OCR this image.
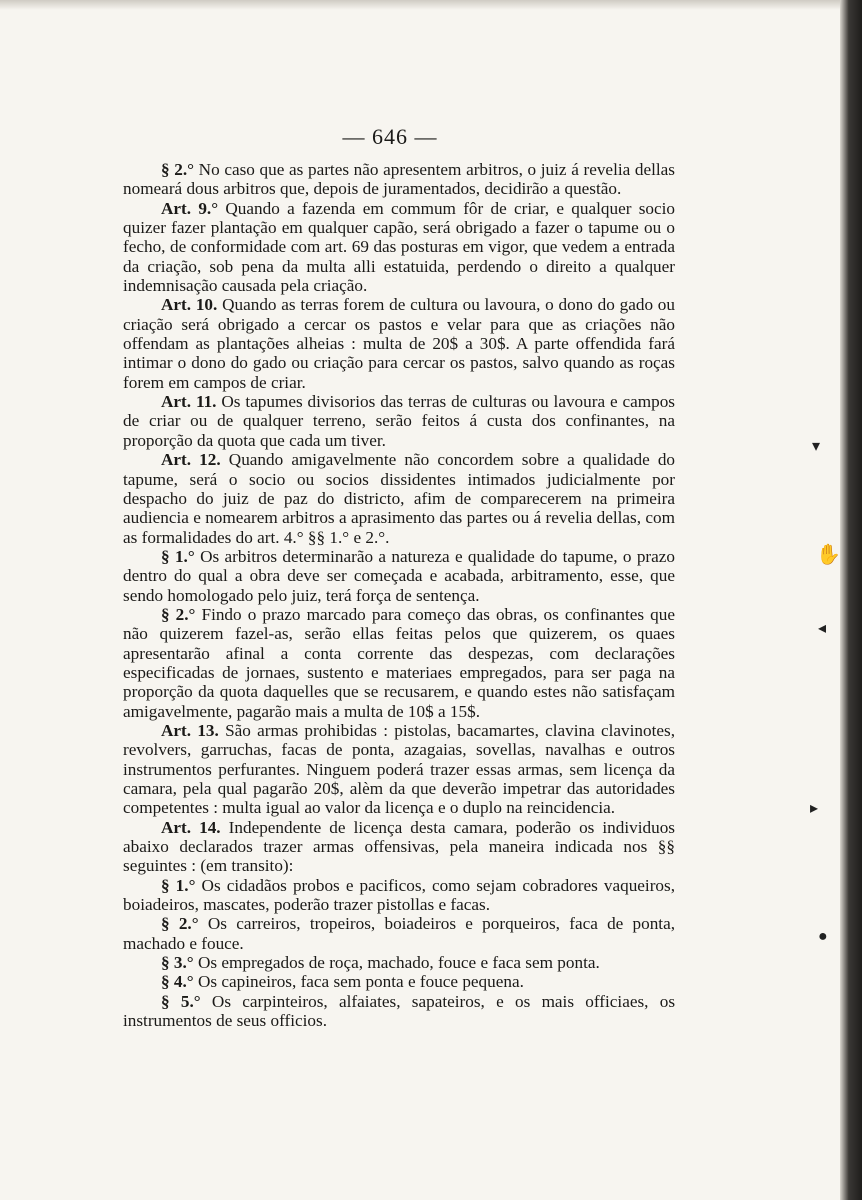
— 646 —

§ 2.° No caso que as partes não apresentem arbitros, o juiz á revelia dellas nomeará dous arbitros que, depois de juramentados, decidirão a questão.

Art. 9.° Quando a fazenda em commum fôr de criar, e qualquer socio quizer fazer plantação em qualquer capão, será obrigado a fazer o tapume ou o fecho, de conformidade com art. 69 das posturas em vigor, que vedem a entrada da criação, sob pena da multa alli estatuida, perdendo o direito a qualquer indemnisação causada pela criação.

Art. 10. Quando as terras forem de cultura ou lavoura, o dono do gado ou criação será obrigado a cercar os pastos e velar para que as criações não offendam as plantações alheias : multa de 20$ a 30$. A parte offendida fará intimar o dono do gado ou criação para cercar os pastos, salvo quando as roças forem em campos de criar.

Art. 11. Os tapumes divisorios das terras de culturas ou lavoura e campos de criar ou de qualquer terreno, serão feitos á custa dos confinantes, na proporção da quota que cada um tiver.

Art. 12. Quando amigavelmente não concordem sobre a qualidade do tapume, será o socio ou socios dissidentes intimados judicialmente por despacho do juiz de paz do districto, afim de comparecerem na primeira audiencia e nomearem arbitros a aprasimento das partes ou á revelia dellas, com as formalidades do art. 4.° §§ 1.° e 2.°.

§ 1.° Os arbitros determinarão a natureza e qualidade do tapume, o prazo dentro do qual a obra deve ser começada e acabada, arbitramento, esse, que sendo homologado pelo juiz, terá força de sentença.

§ 2.° Findo o prazo marcado para começo das obras, os confinantes que não quizerem fazel-as, serão ellas feitas pelos que quizerem, os quaes apresentarão afinal a conta corrente das despezas, com declarações especificadas de jornaes, sustento e materiaes empregados, para ser paga na proporção da quota daquelles que se recusarem, e quando estes não satisfaçam amigavelmente, pagarão mais a multa de 10$ a 15$.

Art. 13. São armas prohibidas : pistolas, bacamartes, clavina clavinotes, revolvers, garruchas, facas de ponta, azagaias, sovellas, navalhas e outros instrumentos perfurantes. Ninguem poderá trazer essas armas, sem licença da camara, pela qual pagarão 20$, alèm da que deverão impetrar das autoridades competentes : multa igual ao valor da licença e o duplo na reincidencia.

Art. 14. Independente de licença desta camara, poderão os individuos abaixo declarados trazer armas offensivas, pela maneira indicada nos §§ seguintes : (em transito):

§ 1.° Os cidadãos probos e pacificos, como sejam cobradores vaqueiros, boiadeiros, mascates, poderão trazer pistollas e facas.

§ 2.° Os carreiros, tropeiros, boiadeiros e porqueiros, faca de ponta, machado e fouce.

§ 3.° Os empregados de roça, machado, fouce e faca sem ponta.

§ 4.° Os capineiros, faca sem ponta e fouce pequena.

§ 5.° Os carpinteiros, alfaiates, sapateiros, e os mais officiaes, os instrumentos de seus officios.

▾
✋
◂
▸
●
